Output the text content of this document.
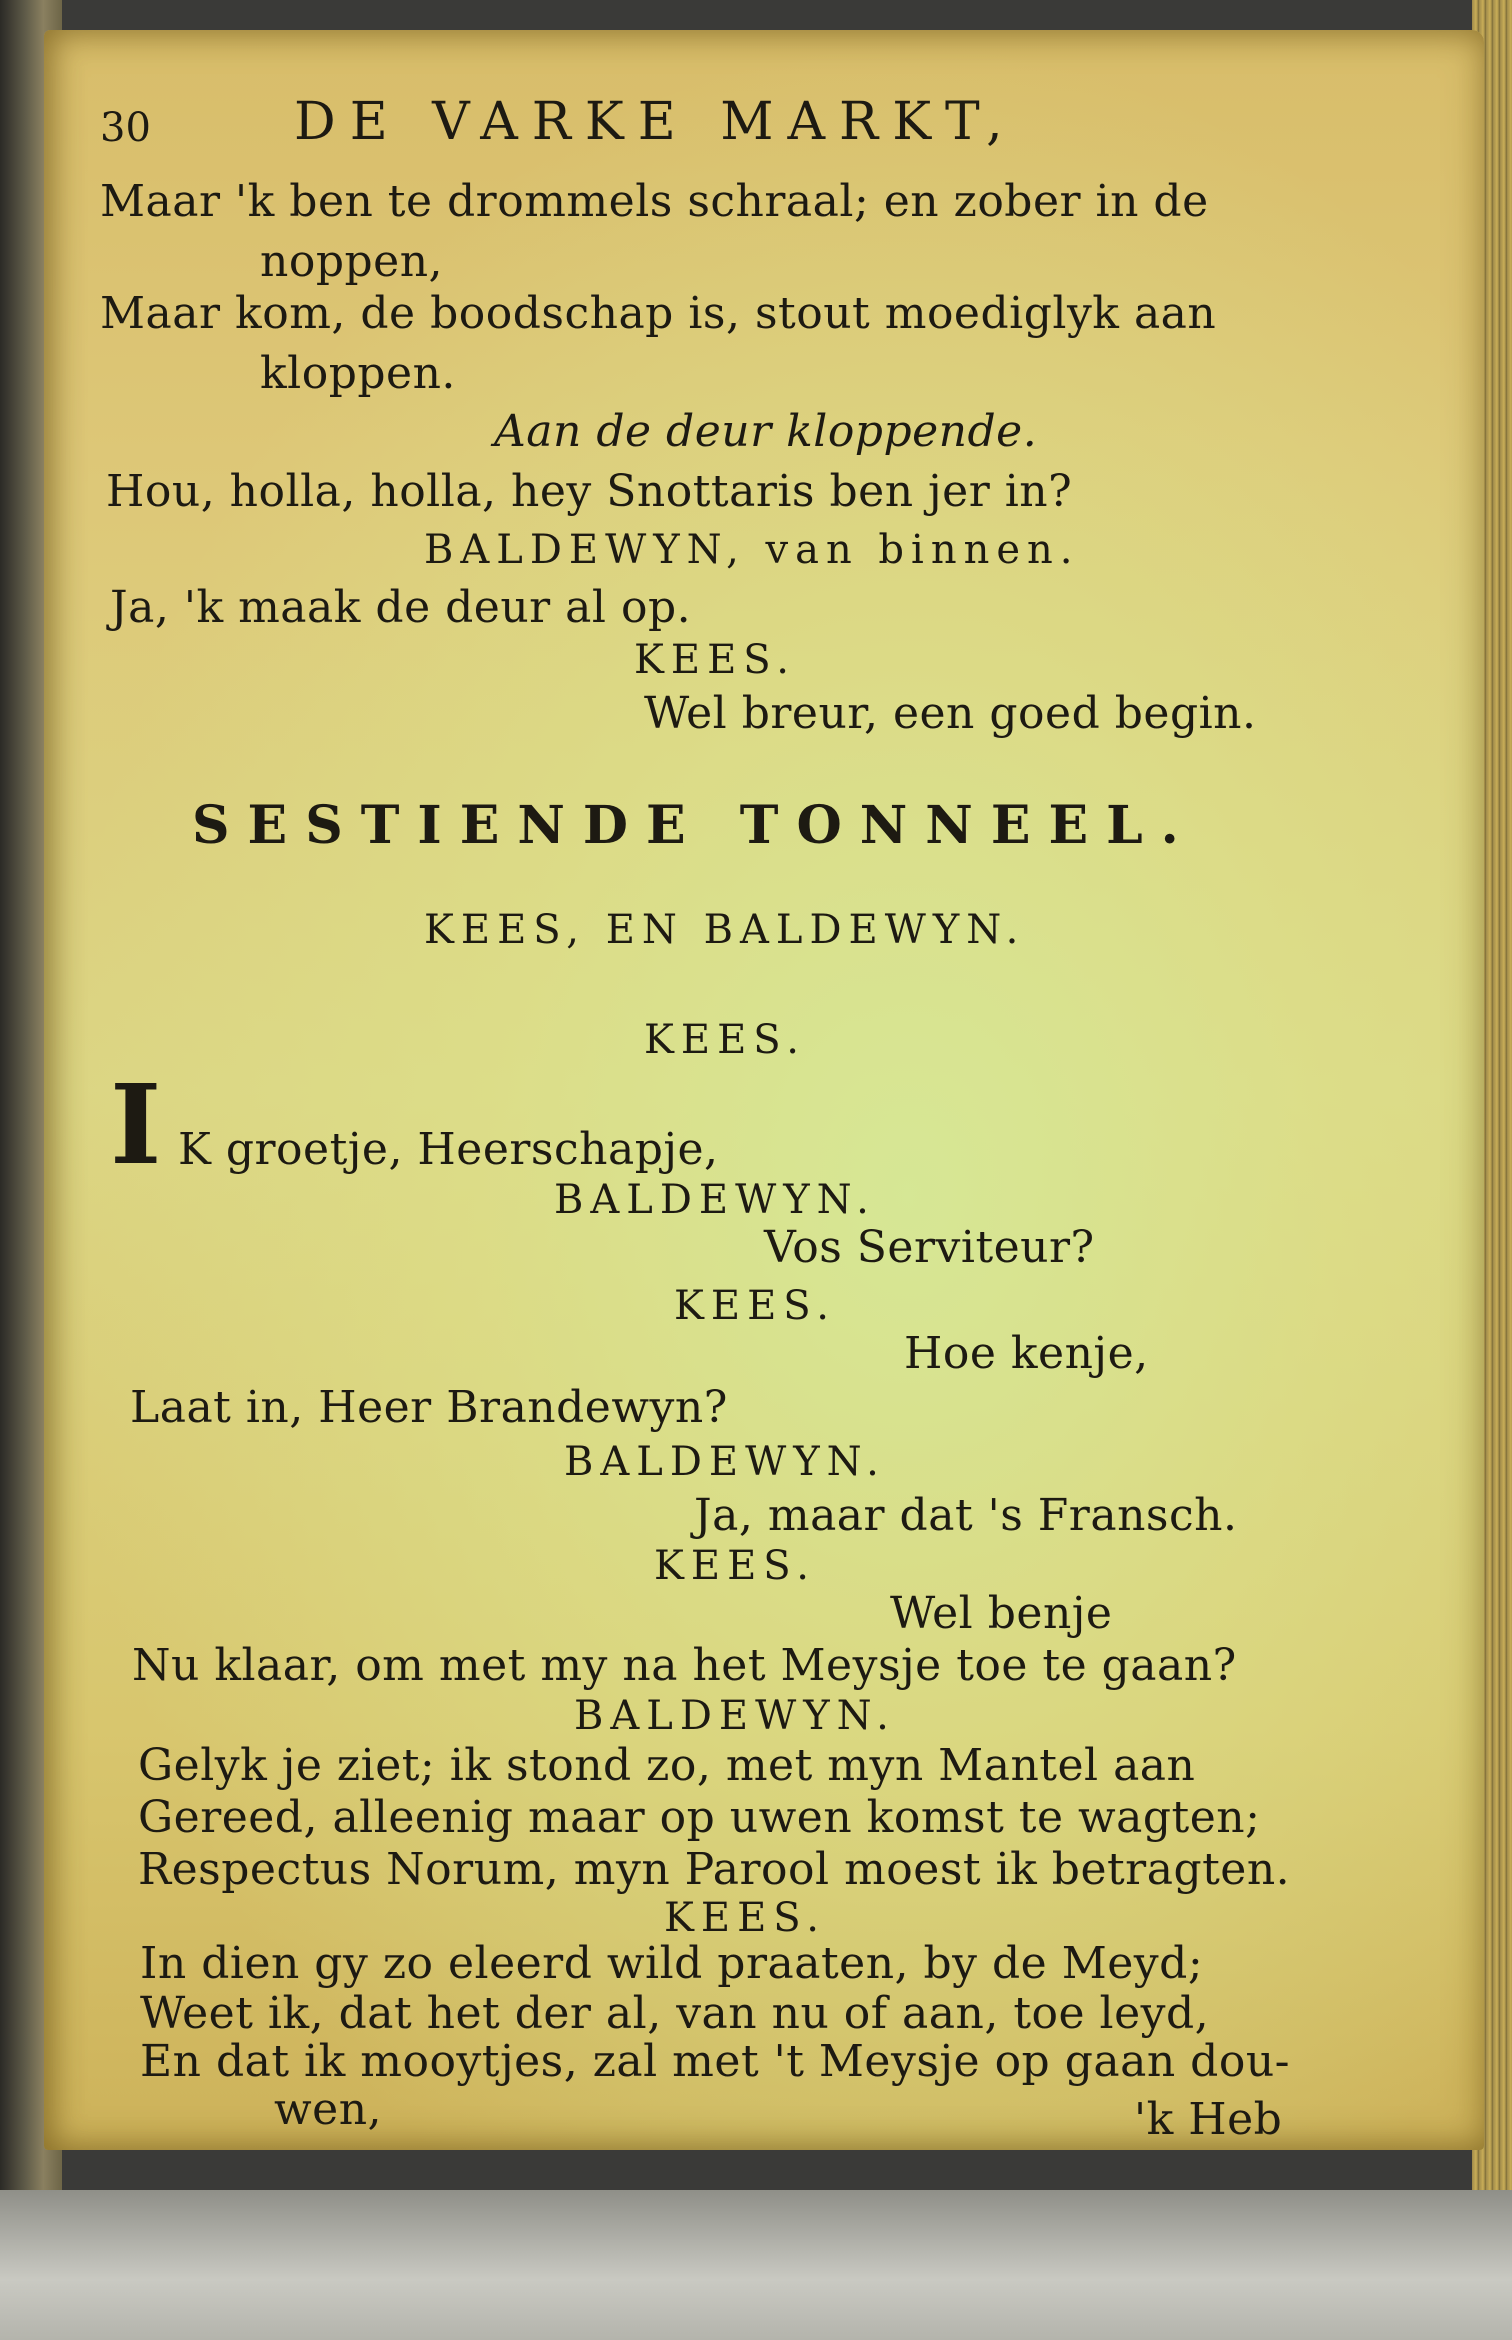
30	DE VARKE MARKT,
Maar 'k ben te drommels schraal; en zober in de
noppen,
Maar kom, de boodschap is, stout moediglyk aan
kloppen.
Aan de deur kloppende.
Hou, holla, holla, hey Snottaris ben jer in?
BALDEWYN, van binnen.
Ja, 'k maak de deur al op.
KEES.
Wel breur, een goed begin.
SESTIENDE TONNEEL.
KEES, EN BALDEWYN.
KEES.
I K groetje, Heerschapje,
BALDEWYN.
Vos Serviteur?
KEES.
Hoe kenje,
Laat in, Heer Brandewyn?
BALDEWYN.
Ja, maar dat 's Fransch.
KEES.
Wel benje
Nu klaar, om met my na het Meysje toe te gaan?
BALDEWYN.
Gelyk je ziet; ik stond zo, met myn Mantel aan
Gereed, alleenig maar op uwen komst te wagten;
Respectus Norum, myn Parool moest ik betragten.
KEES.
In dien gy zo eleerd wild praaten, by de Meyd;
Weet ik, dat het der al, van nu of aan, toe leyd,
En dat ik mooytjes, zal met 't Meysje op gaan dou-
wen,	'k Heb
